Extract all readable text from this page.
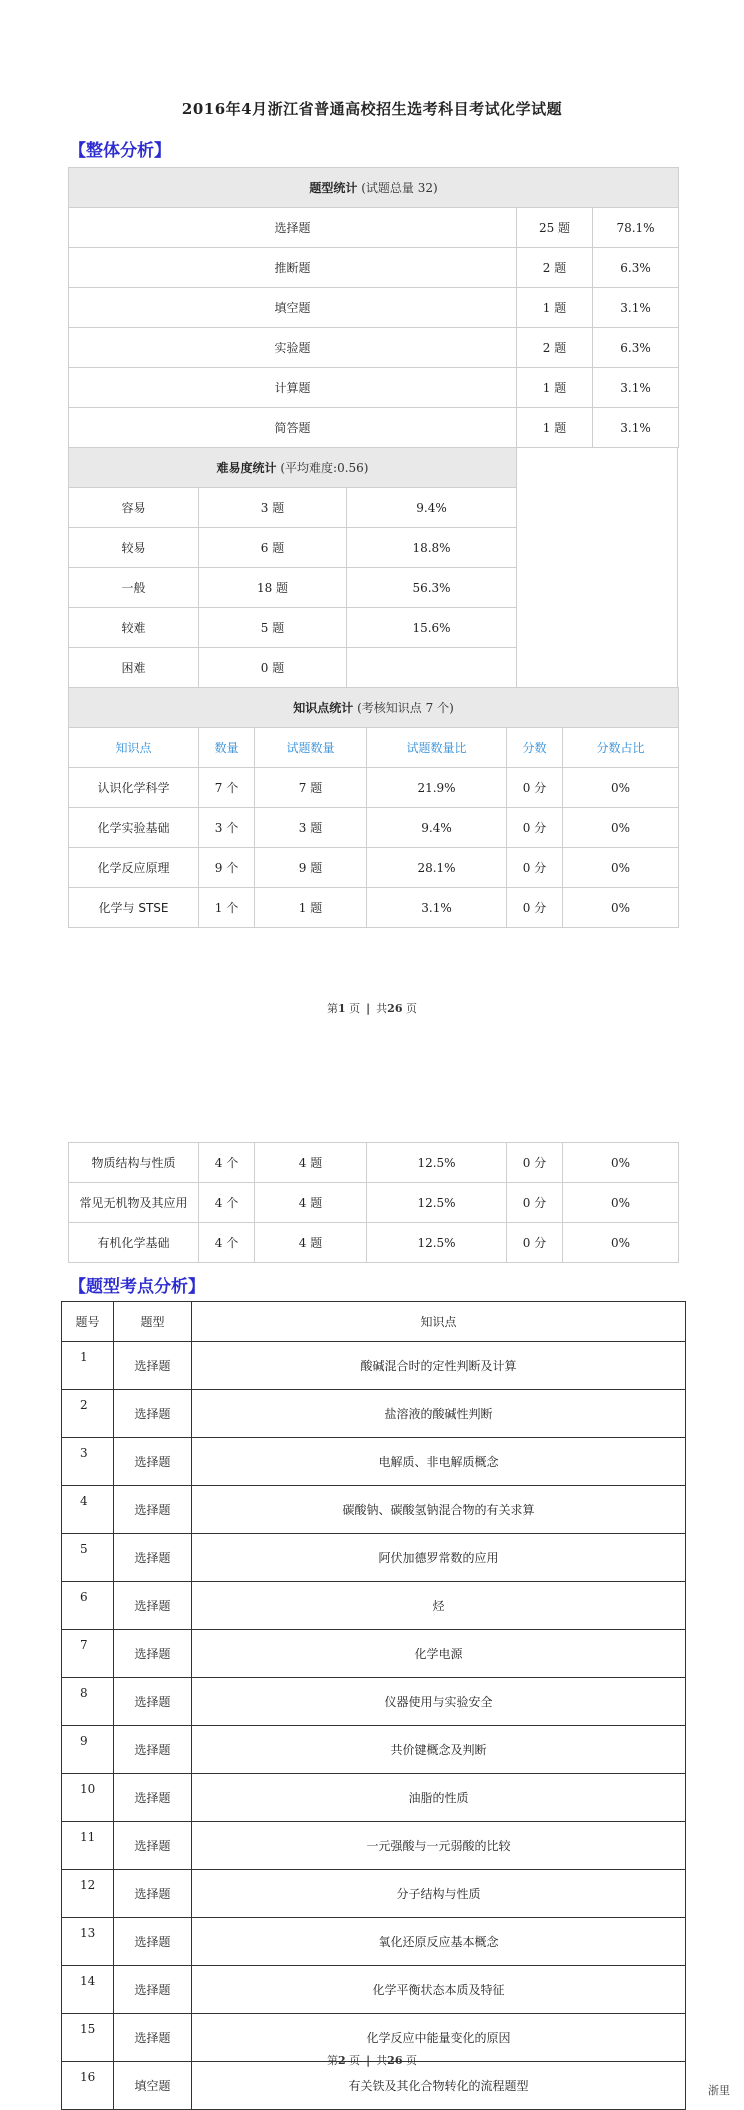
2016年4月浙江省普通高校招生选考科目考试化学试题
【整体分析】
题型统计 (试题总量 32)		
选择题	25 题	78.1%
推断题	2 题	6.3%
填空题	1 题	3.1%
实验题	2 题	6.3%
计算题	1 题	3.1%
简答题	1 题	3.1%
难易度统计 (平均难度:0.56)		
容易	3 题	9.4%
较易	6 题	18.8%
一般	18 题	56.3%
较难	5 题	15.6%
困难	0 题	
知识点统计 (考核知识点 7 个)					
知识点	数量	试题数量	试题数量比	分数	分数占比
认识化学科学	7 个	7 题	21.9%	0 分	0%
化学实验基础	3 个	3 题	9.4%	0 分	0%
化学反应原理	9 个	9 题	28.1%	0 分	0%
化学与 STSE	1 个	1 题	3.1%	0 分	0%
第1 页 | 共26 页
物质结构与性质	4 个	4 题	12.5%	0 分	0%
常见无机物及其应用	4 个	4 题	12.5%	0 分	0%
有机化学基础	4 个	4 题	12.5%	0 分	0%
【题型考点分析】
题号	题型	知识点
1	选择题	酸碱混合时的定性判断及计算
2	选择题	盐溶液的酸碱性判断
3	选择题	电解质、非电解质概念
4	选择题	碳酸钠、碳酸氢钠混合物的有关求算
5	选择题	阿伏加德罗常数的应用
6	选择题	烃
7	选择题	化学电源
8	选择题	仪器使用与实验安全
9	选择题	共价键概念及判断
10	选择题	油脂的性质
11	选择题	一元强酸与一元弱酸的比较
12	选择题	分子结构与性质
13	选择题	氧化还原反应基本概念
14	选择题	化学平衡状态本质及特征
15	选择题	化学反应中能量变化的原因
16	填空题	有关铁及其化合物转化的流程题型
第2 页 | 共26 页
浙里
